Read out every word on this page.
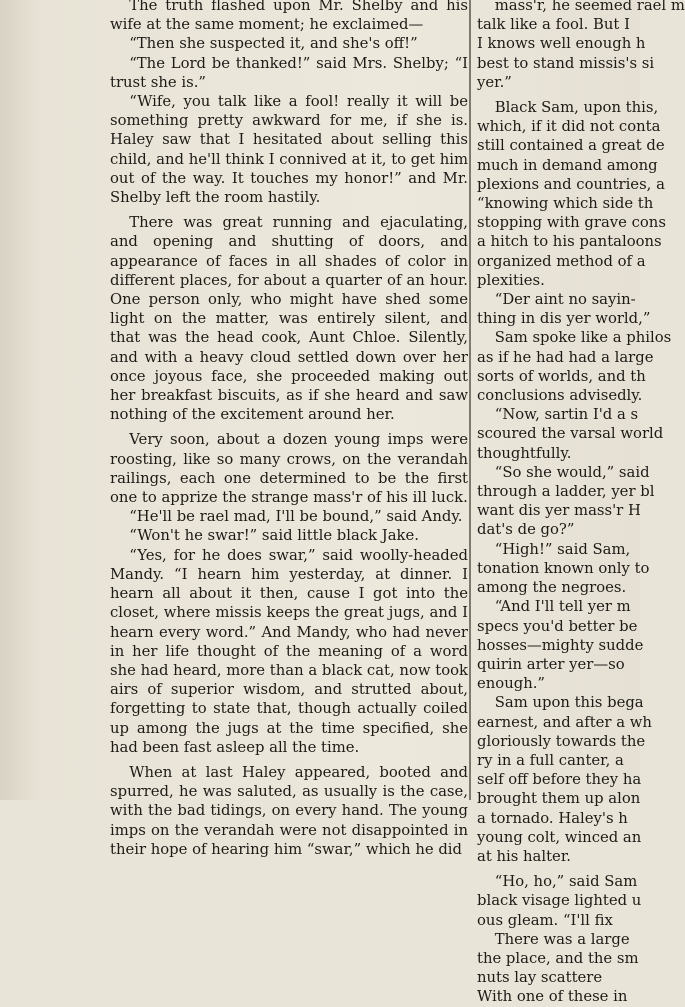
The truth flashed upon Mr. Shelby and his wife at the same moment; he exclaimed—

“Then she suspected it, and she's off!”

“The Lord be thanked!” said Mrs. Shelby; “I trust she is.”

“Wife, you talk like a fool! really it will be something pretty awkward for me, if she is. Haley saw that I hesitated about selling this child, and he'll think I connived at it, to get him out of the way. It touches my honor!” and Mr. Shelby left the room hastily.

There was great running and ejaculating, and opening and shutting of doors, and appearance of faces in all shades of color in different places, for about a quarter of an hour. One person only, who might have shed some light on the matter, was entirely silent, and that was the head cook, Aunt Chloe. Silently, and with a heavy cloud settled down over her once joyous face, she proceeded making out her breakfast biscuits, as if she heard and saw nothing of the excitement around her.

Very soon, about a dozen young imps were roosting, like so many crows, on the verandah railings, each one determined to be the first one to apprize the strange mass'r of his ill luck.

“He'll be rael mad, I'll be bound,” said Andy.

“Won't he swar!” said little black Jake.

“Yes, for he does swar,” said woolly-headed Mandy. “I hearn him yesterday, at dinner. I hearn all about it then, cause I got into the closet, where missis keeps the great jugs, and I hearn every word.” And Mandy, who had never in her life thought of the meaning of a word she had heard, more than a black cat, now took airs of superior wisdom, and strutted about, forgetting to state that, though actually coiled up among the jugs at the time specified, she had been fast asleep all the time.

When at last Haley appeared, booted and spurred, he was saluted, as usually is the case, with the bad tidings, on every hand. The young imps on the verandah were not disappointed in their hope of hearing him “swar,” which he did

mass'r, he seemed rael m
talk like a fool. But I
I knows well enough h
best to stand missis's si
yer.”

Black Sam, upon this,
which, if it did not conta
still contained a great de
much in demand among
plexions and countries, a
“knowing which side th
stopping with grave cons
a hitch to his pantaloons
organized method of a
plexities.

“Der aint no sayin-
thing in dis yer world,”

Sam spoke like a philos
as if he had had a large
sorts of worlds, and th
conclusions advisedly.

“Now, sartin I'd a s
scoured the varsal world
thoughtfully.

“So she would,” said
through a ladder, yer bl
want dis yer mass'r H
dat's de go?”

“High!” said Sam,
tonation known only to
among the negroes.

“And I'll tell yer m
specs you'd better be
hosses—mighty sudde
quirin arter yer—so
enough.”

Sam upon this bega
earnest, and after a wh
gloriously towards the
ry in a full canter, a
self off before they ha
brought them up alon
a tornado. Haley's h
young colt, winced an
at his halter.

“Ho, ho,” said Sam
black visage lighted u
ous gleam. “I'll fix

There was a large
the place, and the sm
nuts lay scattere
With one of these in
